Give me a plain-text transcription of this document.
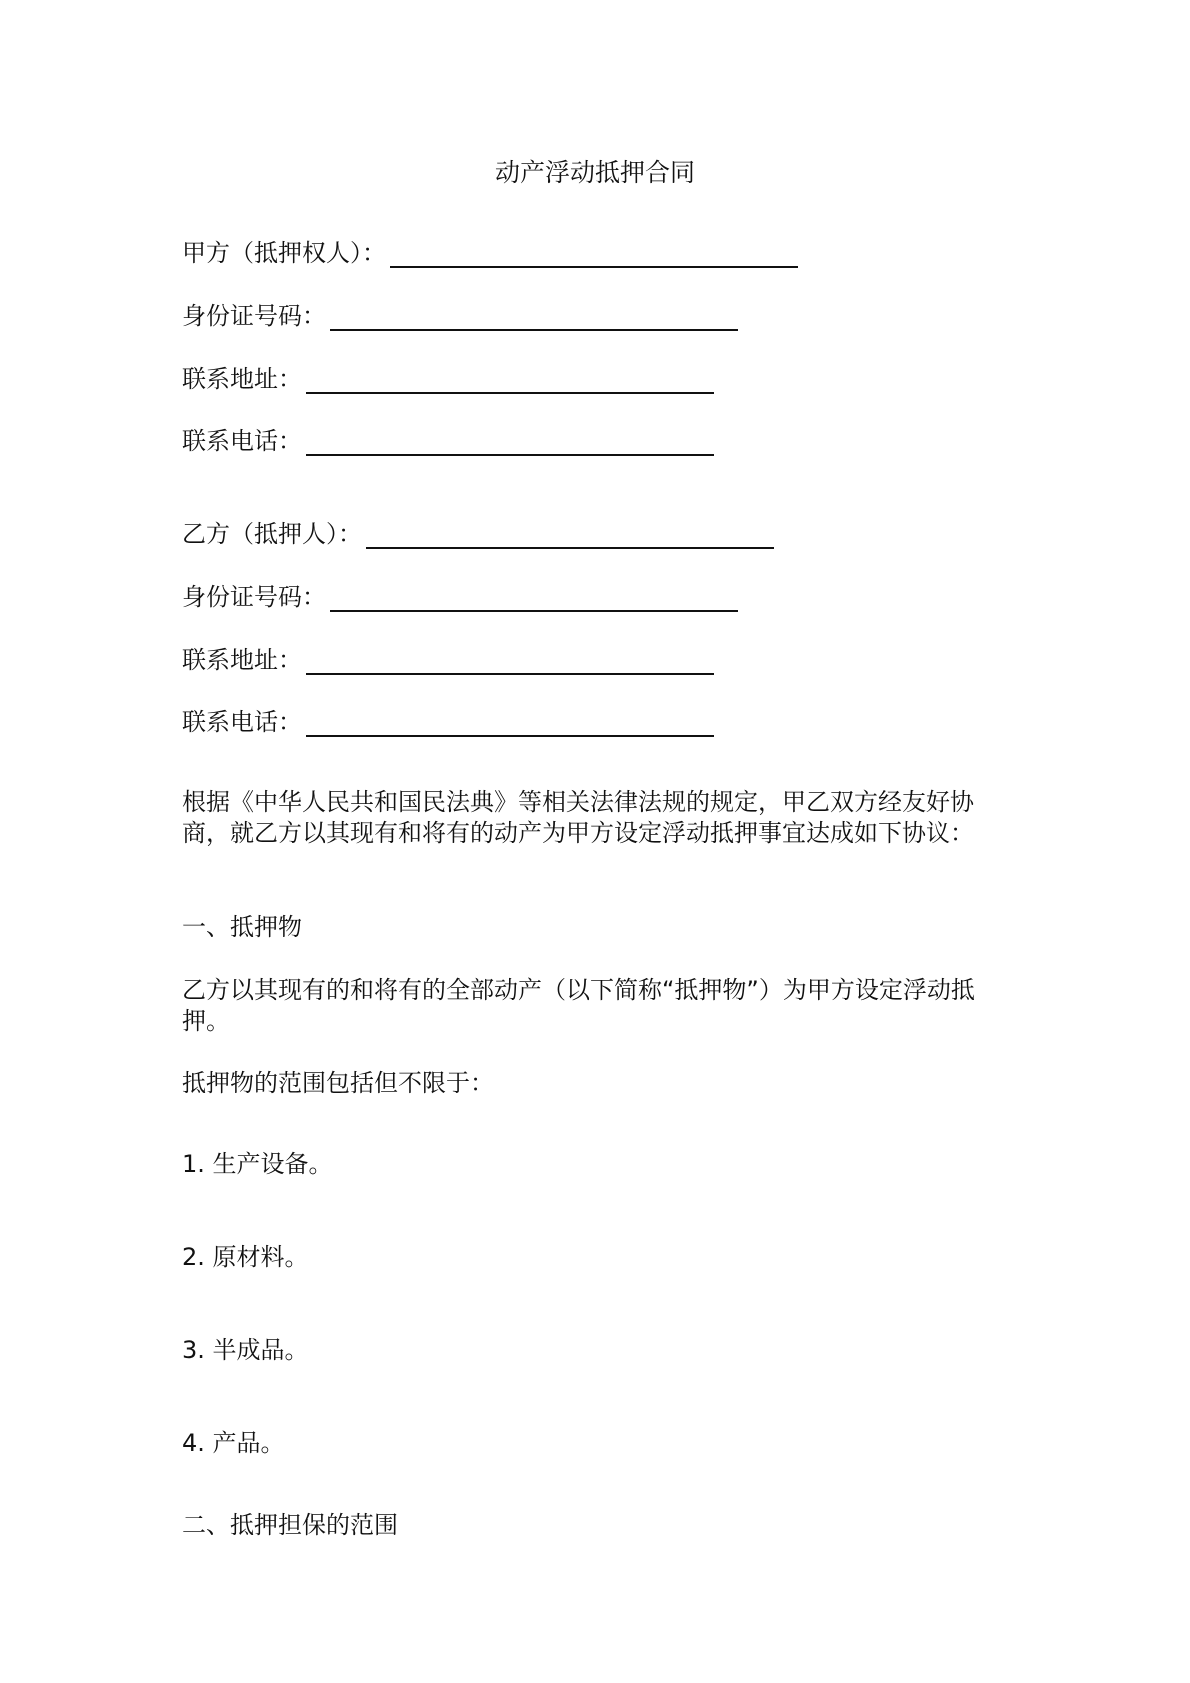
动产浮动抵押合同
甲方（抵押权人）：
身份证号码：
联系地址：
联系电话：
乙方（抵押人）：
身份证号码：
联系地址：
联系电话：

根据《中华人民共和国民法典》等相关法律法规的规定，甲乙双方经友好协商，就乙方以其现有和将有的动产为甲方设定浮动抵押事宜达成如下协议：

一、抵押物

乙方以其现有的和将有的全部动产（以下简称“抵押物”）为甲方设定浮动抵押。

抵押物的范围包括但不限于：
1. 生产设备。
2. 原材料。
3. 半成品。
4. 产品。
二、抵押担保的范围
